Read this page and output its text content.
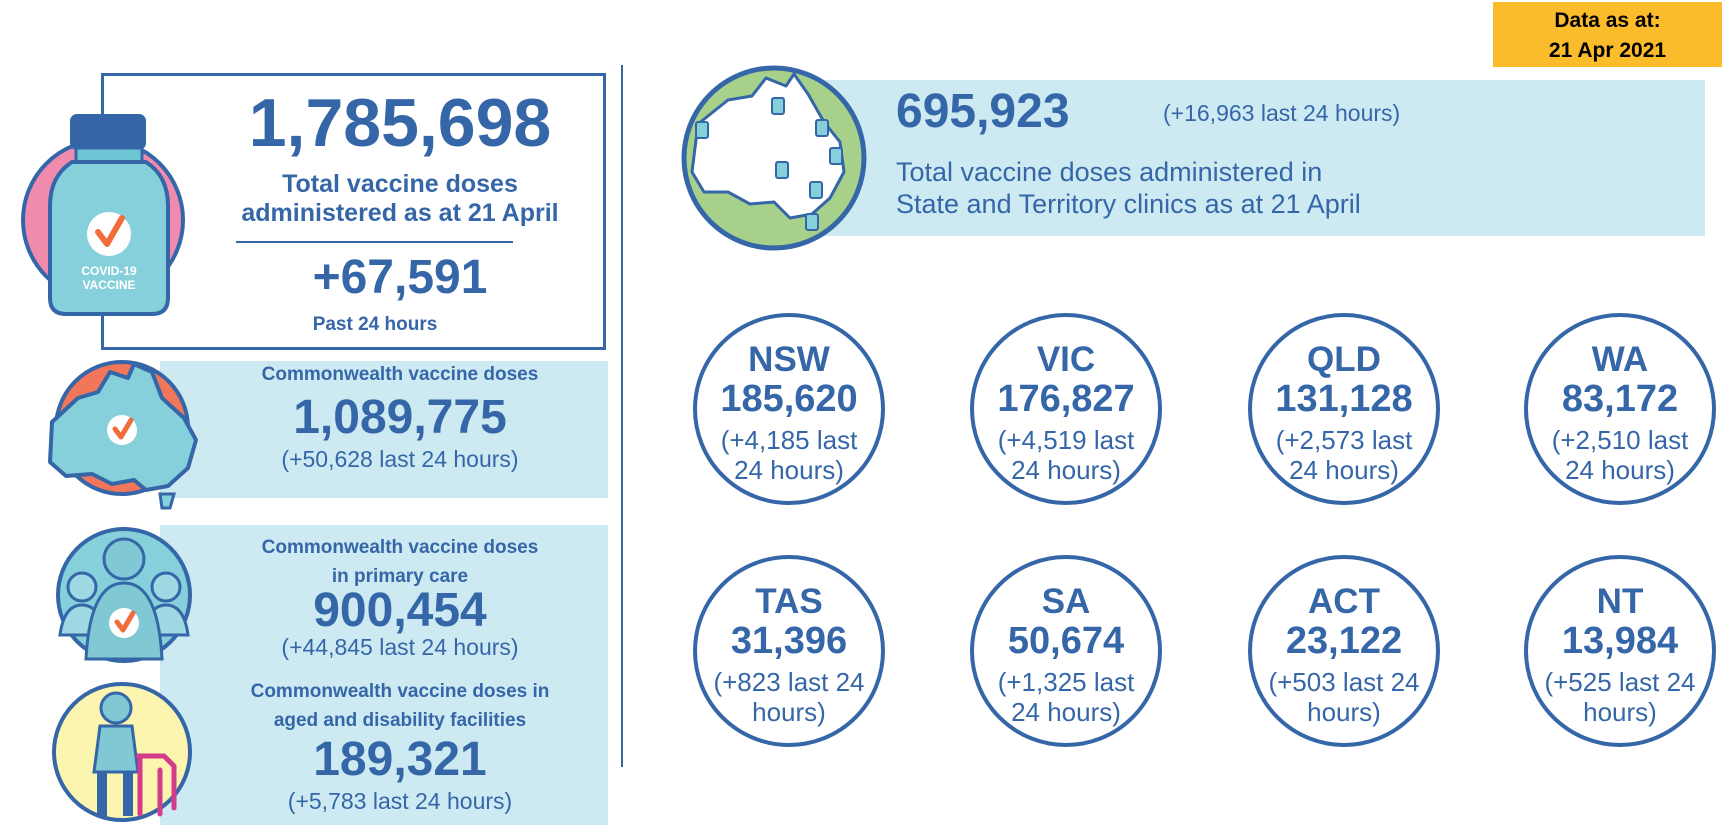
Data as at:
21 Apr 2021
COVID-19
VACCINE
1,785,698
Total vaccine doses
administered as at 21 April
+67,591
Past 24 hours
Commonwealth vaccine doses
1,089,775
(+50,628 last 24 hours)
Commonwealth vaccine doses
in primary care
900,454
(+44,845 last 24 hours)
Commonwealth vaccine doses in
aged and disability facilities
189,321
(+5,783 last 24 hours)
695,923	(+16,963 last 24 hours)
Total vaccine doses administered in
State and Territory clinics as at 21 April
NSW
185,620
(+4,185 last 24 hours)
VIC
176,827
(+4,519 last 24 hours)
QLD
131,128
(+2,573 last 24 hours)
WA
83,172
(+2,510 last 24 hours)
TAS
31,396
(+823 last 24 hours)
SA
50,674
(+1,325 last 24 hours)
ACT
23,122
(+503 last 24 hours)
NT
13,984
(+525 last 24 hours)
